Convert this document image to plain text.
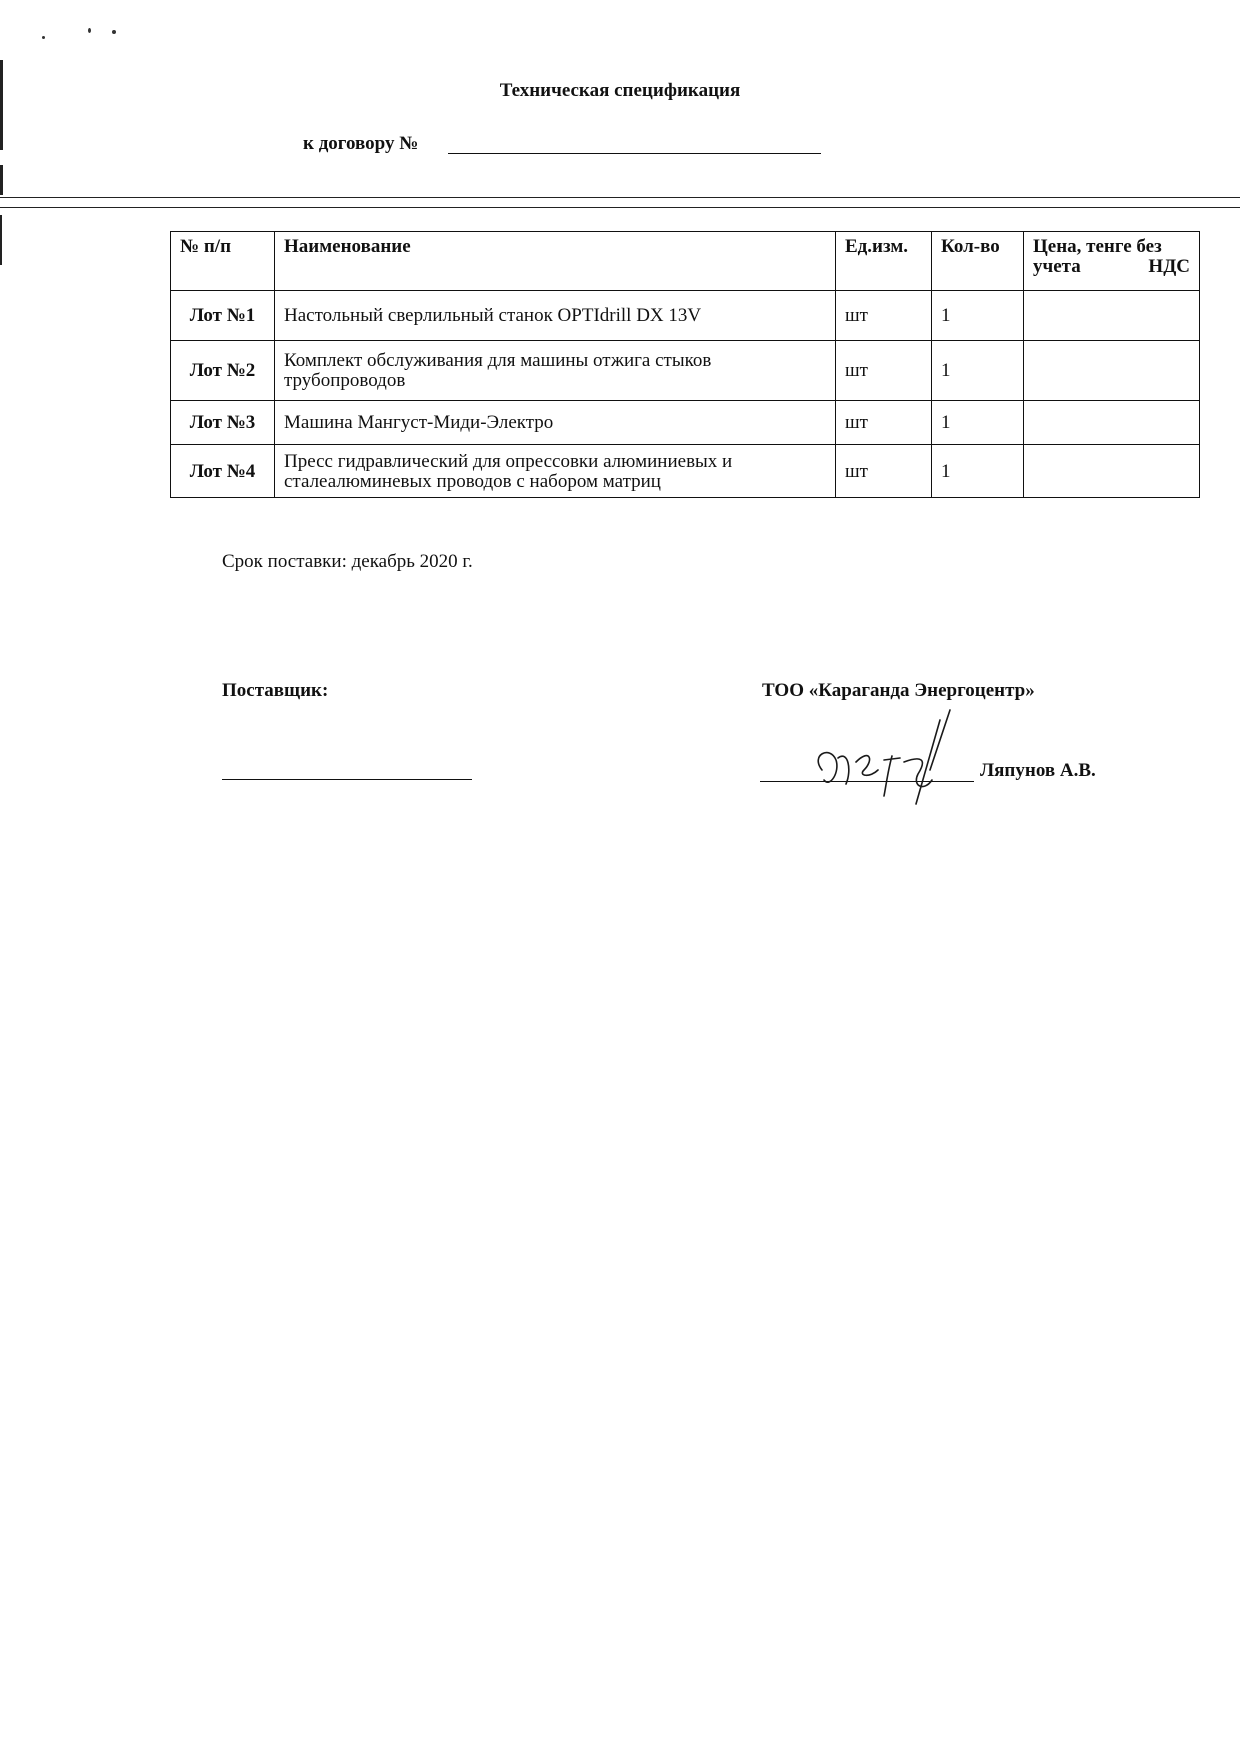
Техническая спецификация
к договору №
№ п/п	Наименование	Ед.изм.	Кол-во	Цена, тенге без учета НДС
Лот №1	Настольный сверлильный станок OPTIdrill DX 13V	шт	1	
Лот №2	Комплект обслуживания для машины отжига стыков трубопроводов	шт	1	
Лот №3	Машина Мангуст-Миди-Электро	шт	1	
Лот №4	Пресс гидравлический для опрессовки алюминиевых и сталеалюминевых проводов с набором матриц	шт	1	
Срок поставки: декабрь 2020 г.
Поставщик:	ТОО «Караганда Энергоцентр»
Ляпунов А.В.
